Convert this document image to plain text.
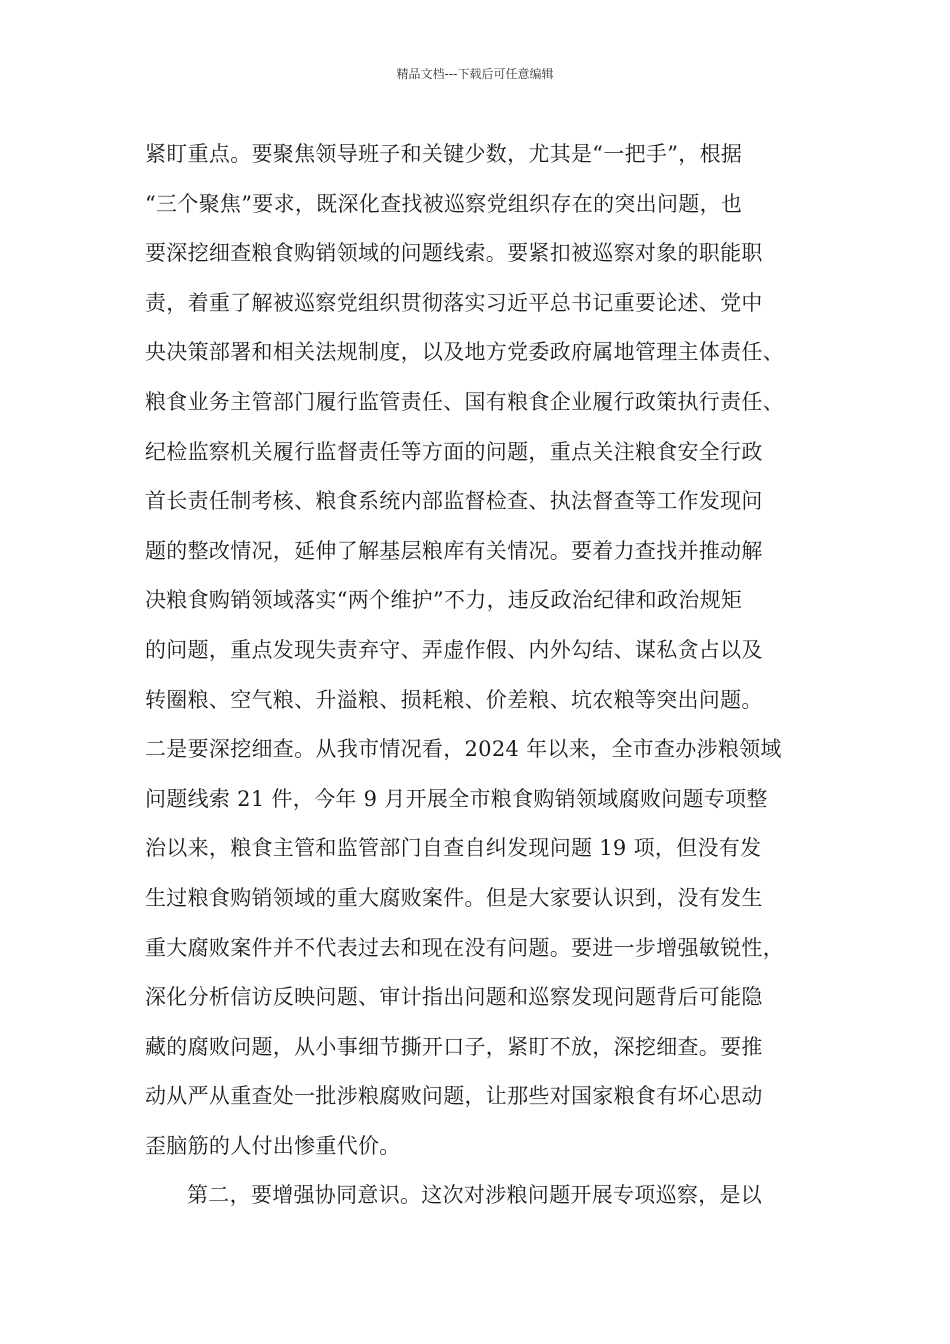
精品文档---下载后可任意编辑
紧盯重点。要聚焦领导班子和关键少数，尤其是“一把手”，根据
“三个聚焦”要求，既深化查找被巡察党组织存在的突出问题，也
要深挖细查粮食购销领域的问题线索。要紧扣被巡察对象的职能职
责，着重了解被巡察党组织贯彻落实习近平总书记重要论述、党中
央决策部署和相关法规制度，以及地方党委政府属地管理主体责任、
粮食业务主管部门履行监管责任、国有粮食企业履行政策执行责任、
纪检监察机关履行监督责任等方面的问题，重点关注粮食安全行政
首长责任制考核、粮食系统内部监督检查、执法督查等工作发现问
题的整改情况，延伸了解基层粮库有关情况。要着力查找并推动解
决粮食购销领域落实“两个维护”不力，违反政治纪律和政治规矩
的问题，重点发现失责弃守、弄虚作假、内外勾结、谋私贪占以及
转圈粮、空气粮、升溢粮、损耗粮、价差粮、坑农粮等突出问题。
二是要深挖细查。从我市情况看，2024 年以来，全市查办涉粮领域
问题线索 21 件，今年 9 月开展全市粮食购销领域腐败问题专项整
治以来，粮食主管和监管部门自查自纠发现问题 19 项，但没有发
生过粮食购销领域的重大腐败案件。但是大家要认识到，没有发生
重大腐败案件并不代表过去和现在没有问题。要进一步增强敏锐性，
深化分析信访反映问题、审计指出问题和巡察发现问题背后可能隐
藏的腐败问题，从小事细节撕开口子，紧盯不放，深挖细查。要推
动从严从重查处一批涉粮腐败问题，让那些对国家粮食有坏心思动
歪脑筋的人付出惨重代价。
第二，要增强协同意识。这次对涉粮问题开展专项巡察，是以
